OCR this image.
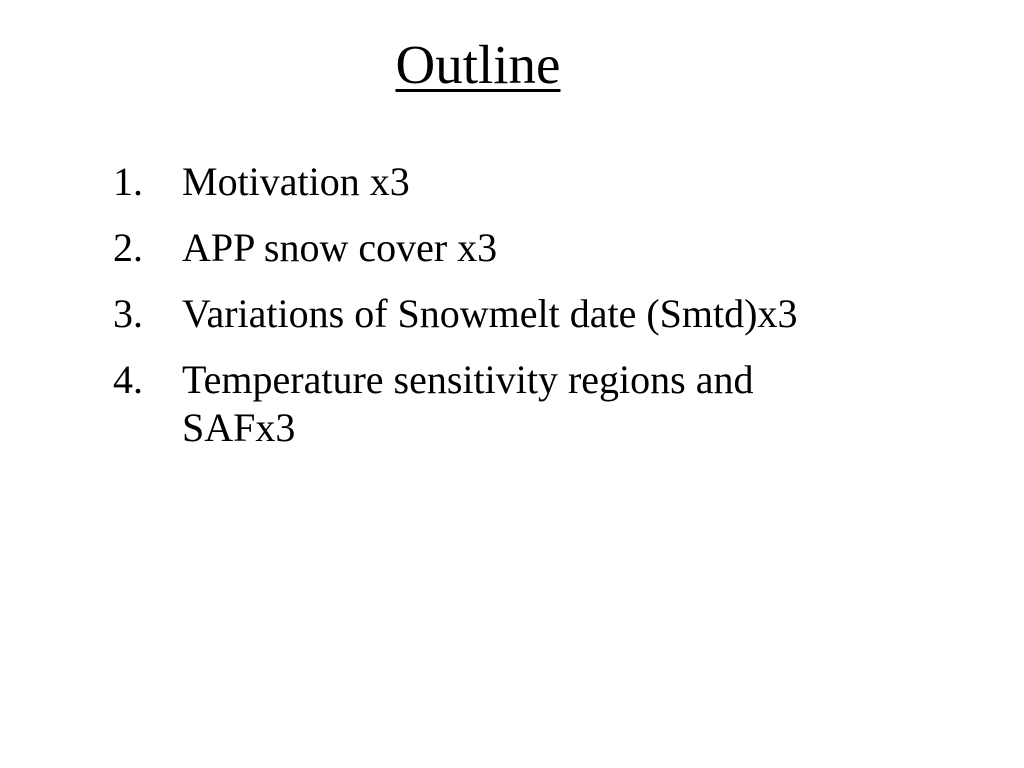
Outline
1. Motivation x3
2. APP snow cover x3
3. Variations of Snowmelt date (Smtd)x3
4. Temperature sensitivity regions and SAFx3
